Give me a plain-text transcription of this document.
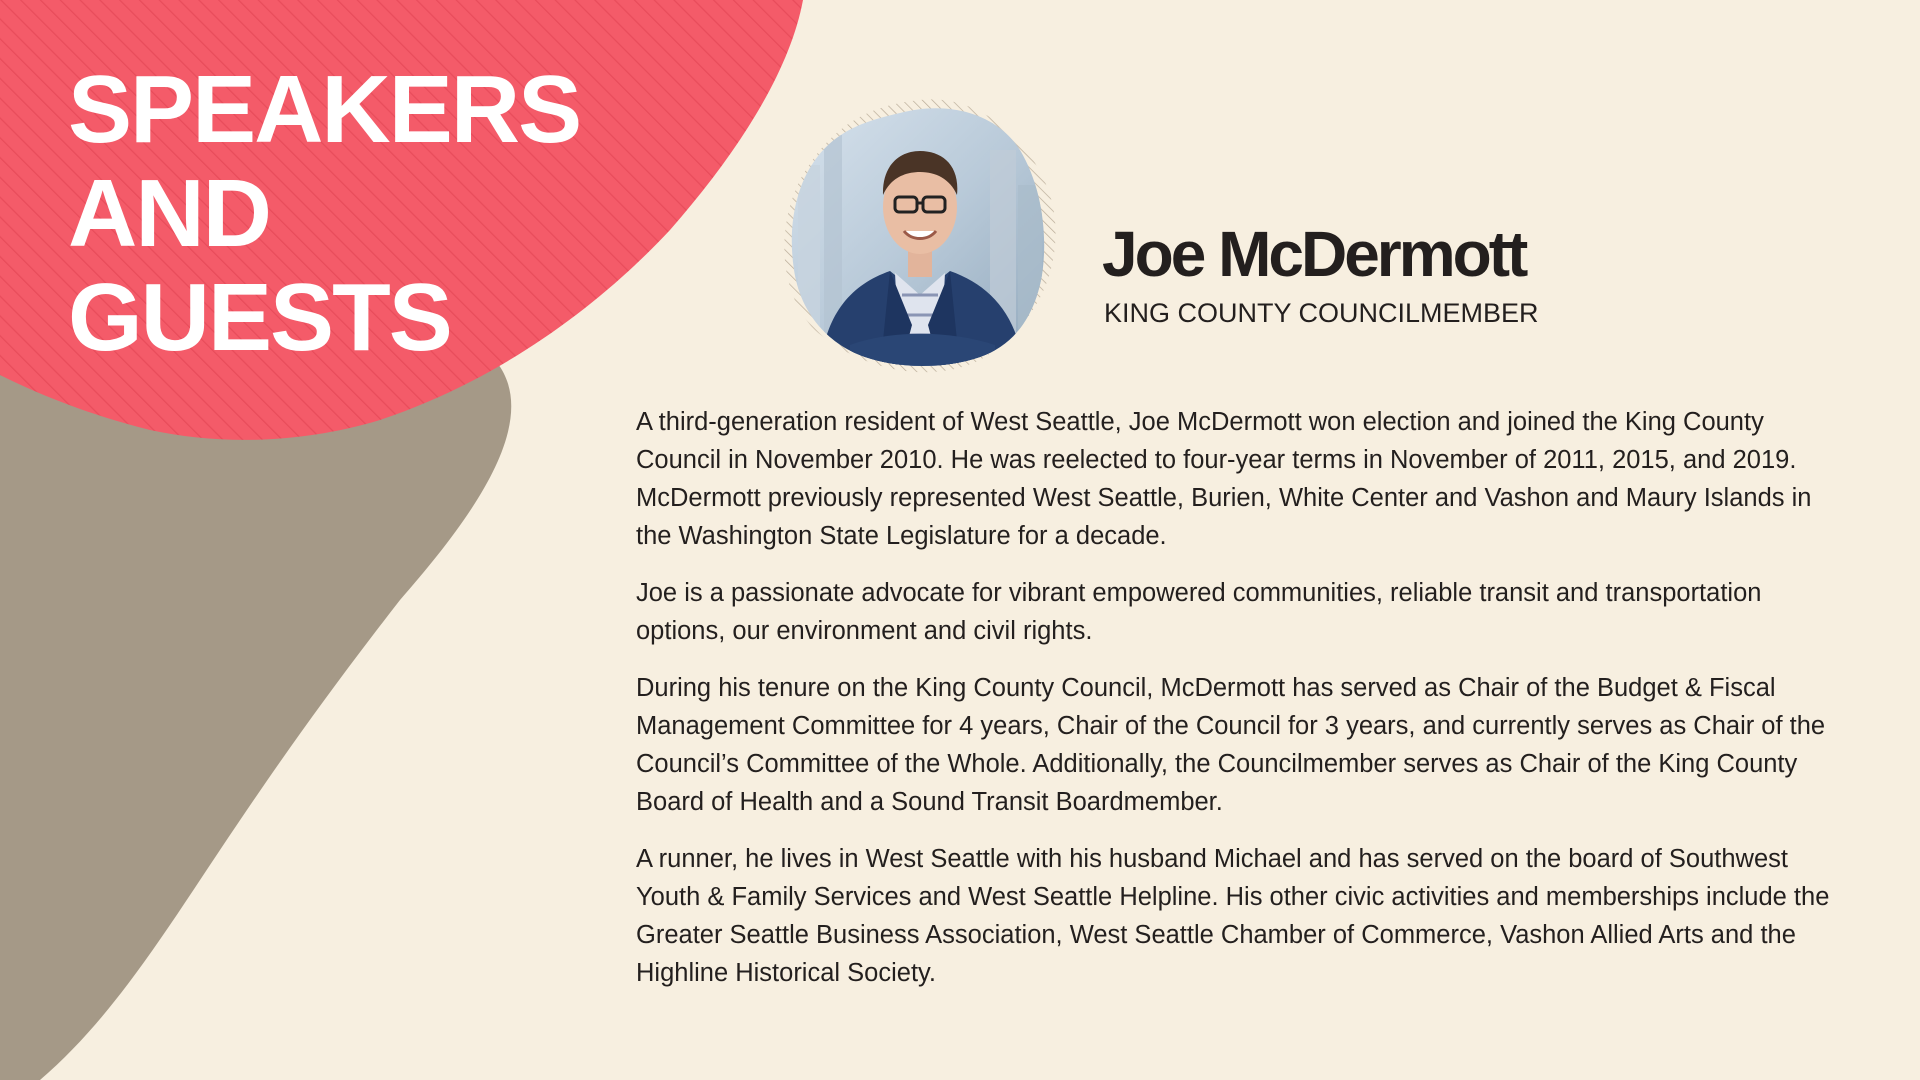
SPEAKERS
AND
GUESTS
Joe McDermott
KING COUNTY COUNCILMEMBER

A third-generation resident of West Seattle, Joe McDermott won election and joined the King County Council in November 2010. He was reelected to four-year terms in November of 2011, 2015, and 2019. McDermott previously represented West Seattle, Burien, White Center and Vashon and Maury Islands in the Washington State Legislature for a decade.

Joe is a passionate advocate for vibrant empowered communities, reliable transit and transportation options, our environment and civil rights.

During his tenure on the King County Council, McDermott has served as Chair of the Budget & Fiscal Management Committee for 4 years, Chair of the Council for 3 years, and currently serves as Chair of the Council’s Committee of the Whole. Additionally, the Councilmember serves as Chair of the King County Board of Health and a Sound Transit Boardmember.

A runner, he lives in West Seattle with his husband Michael and has served on the board of Southwest Youth & Family Services and West Seattle Helpline. His other civic activities and memberships include the Greater Seattle Business Association, West Seattle Chamber of Commerce, Vashon Allied Arts and the Highline Historical Society.
